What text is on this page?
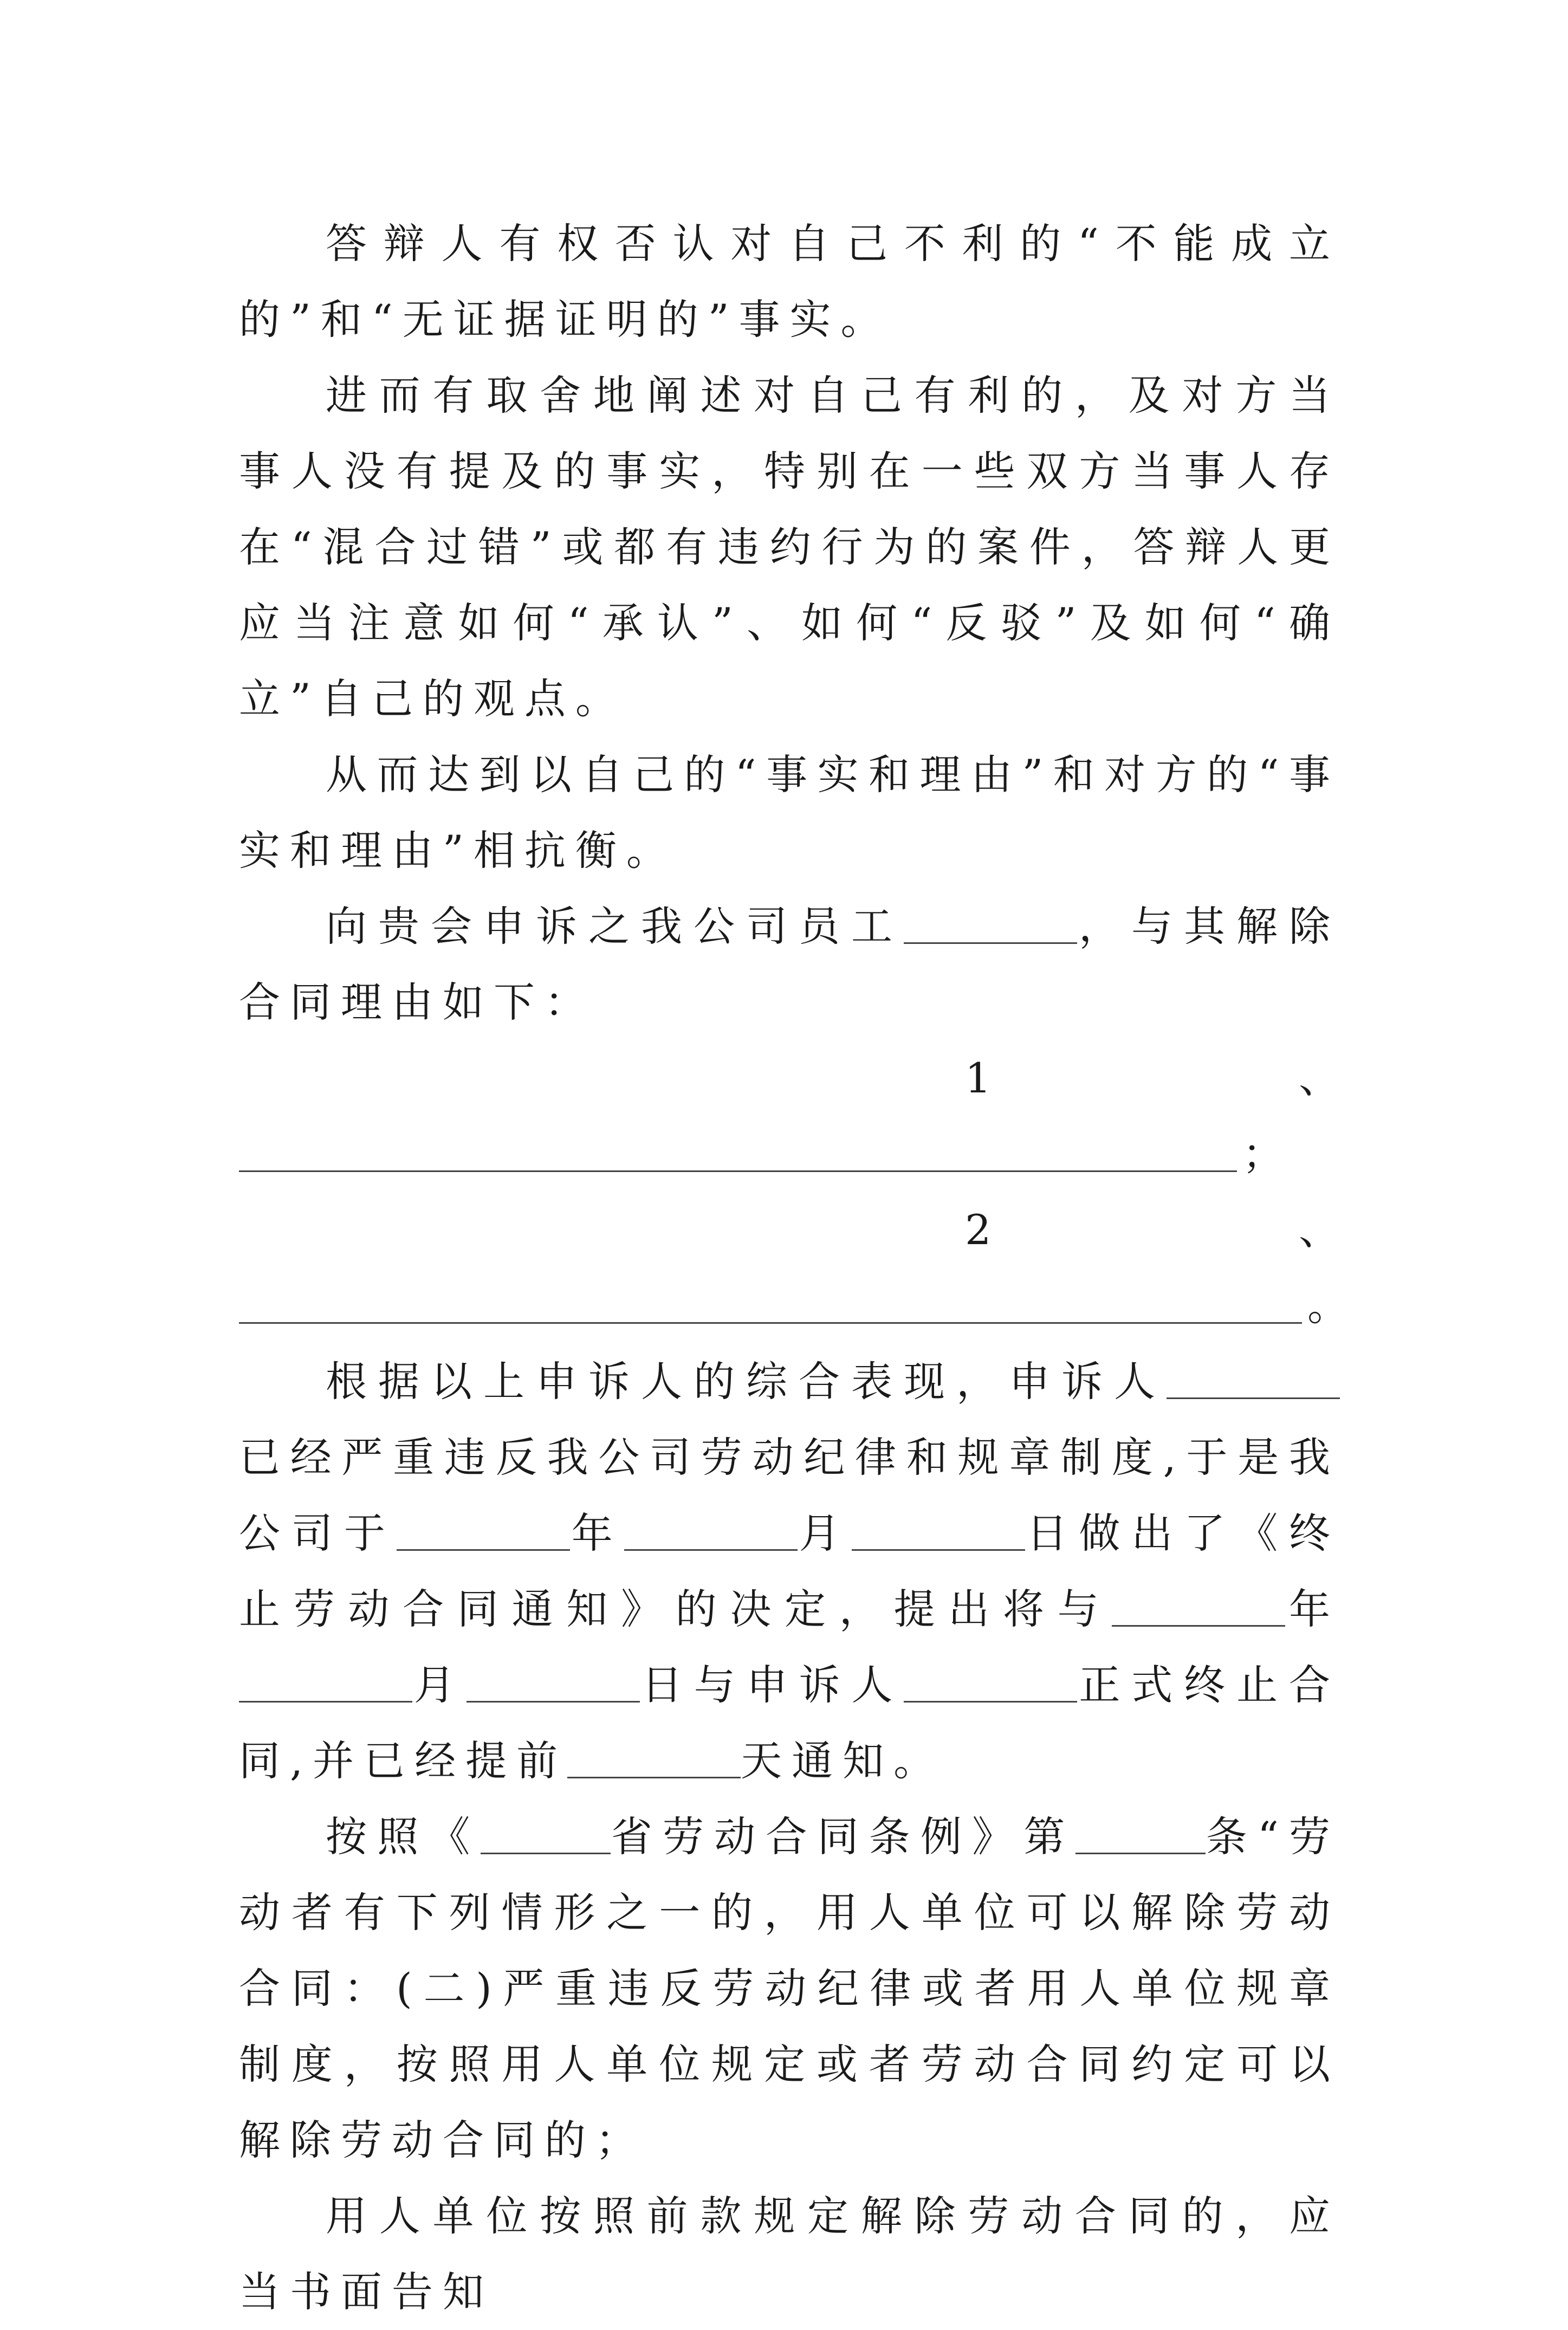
答辩人有权否认对自己不利的“不能成立的”和“无证据证明的”事实。

进而有取舍地阐述对自己有利的，及对方当事人没有提及的事实，特别在一些双方当事人存在“混合过错”或都有违约行为的案件，答辩人更应当注意如何“承认”、如何“反驳”及如何“确立”自己的观点。

从而达到以自己的“事实和理由”和对方的“事实和理由”相抗衡。

向贵会申诉之我公司员工	，与其解除合同理由如下：

1	、
；
2	、
。

根据以上申诉人的综合表现，申诉人已经严重违反我公司劳动纪律和规章制度,于是我公司于	年	月	日做出了《终止劳动合同通知》的决定，提出将与	年月	日与申诉人	正式终止合同,并已经提前	天通知。

按照《	省劳动合同条例》第	条“劳动者有下列情形之一的，用人单位可以解除劳动合同：(二)严重违反劳动纪律或者用人单位规章制度，按照用人单位规定或者劳动合同约定可以解除劳动合同的；

用人单位按照前款规定解除劳动合同的，应当书面告知
